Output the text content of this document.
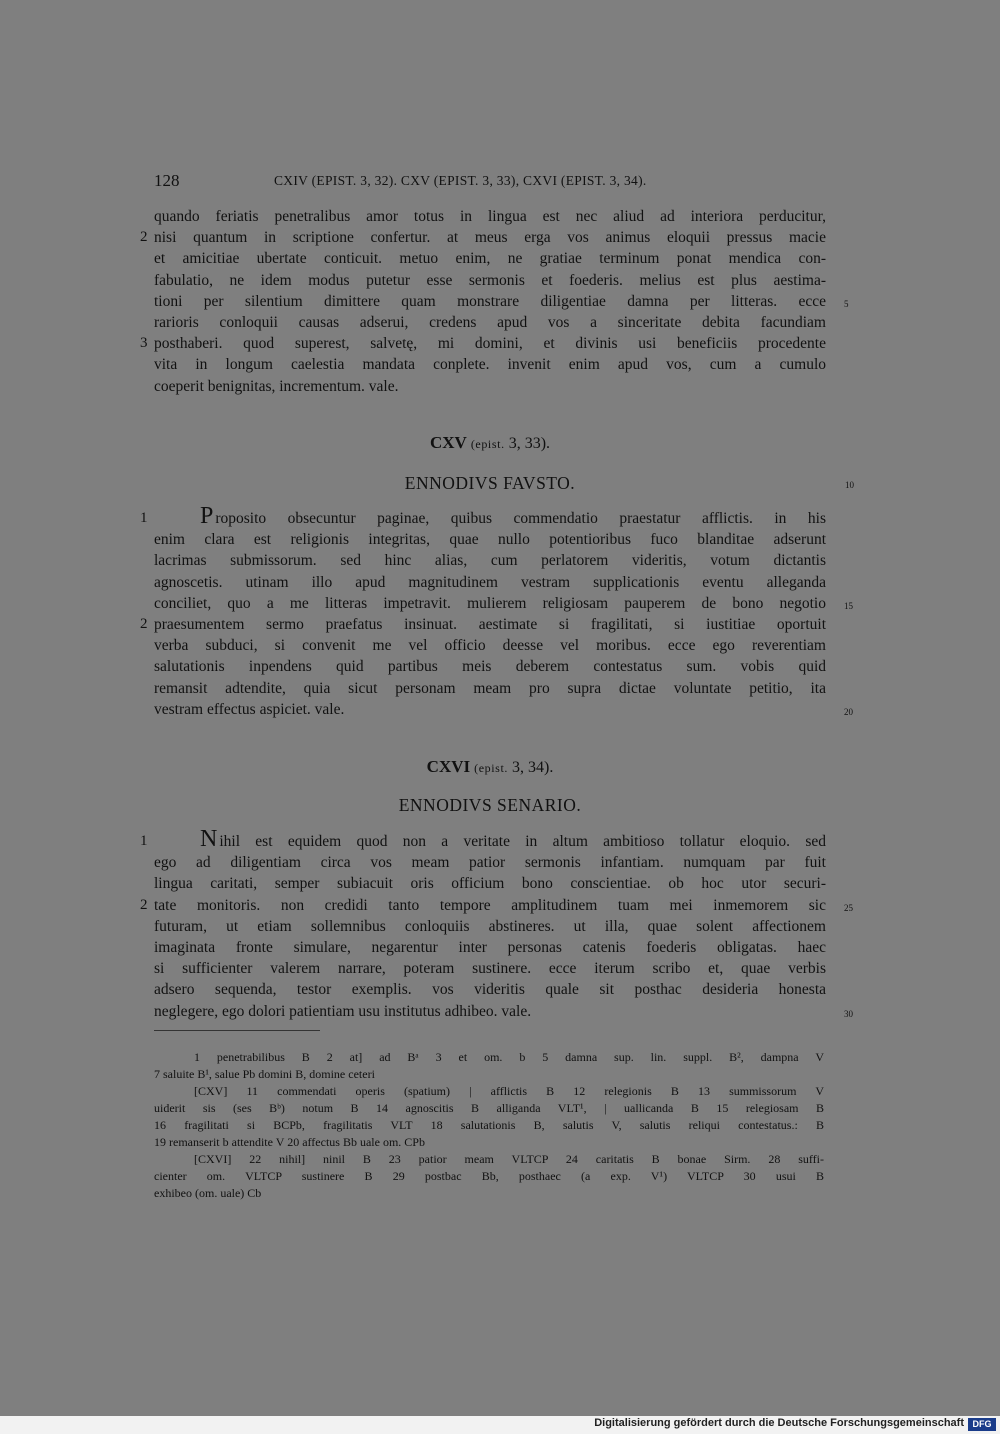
128	CXIV (EPIST. 3, 32). CXV (EPIST. 3, 33), CXVI (EPIST. 3, 34).
quando feriatis penetralibus amor totus in lingua est nec aliud ad interiora perducitur,
2 nisi quantum in scriptione confertur. at meus erga vos animus eloquii pressus macie
et amicitiae ubertate conticuit. metuo enim, ne gratiae terminum ponat mendica con-
fabulatio, ne idem modus putetur esse sermonis et foederis. melius est plus aestima-
tioni per silentium dimittere quam monstrare diligentiae damna per litteras. ecce 5
rarioris conloquii causas adserui, credens apud vos a sinceritate debita facundiam
3 posthaberi. quod superest, salvetę, mi domini, et divinis usi beneficiis procedente
vita in longum caelestia mandata conplete. invenit enim apud vos, cum a cumulo
coeperit benignitas, incrementum. vale.
CXV (epist. 3, 33).
ENNODIVS FAVSTO.	10
1 P roposito obsecuntur paginae, quibus commendatio praestatur afflictis. in his
enim clara est religionis integritas, quae nullo potentioribus fuco blanditae adserunt
lacrimas submissorum. sed hinc alias, cum perlatorem videritis, votum dictantis
agnoscetis. utinam illo apud magnitudinem vestram supplicationis eventu alleganda
conciliet, quo a me litteras impetravit. mulierem religiosam pauperem de bono negotio 15
2 praesumentem sermo praefatus insinuat. aestimate si fragilitati, si iustitiae oportuit
verba subduci, si convenit me vel officio deesse vel moribus. ecce ego reverentiam
salutationis inpendens quid partibus meis deberem contestatus sum. vobis quid
remansit adtendite, quia sicut personam meam pro supra dictae voluntate petitio, ita
vestram effectus aspiciet. vale.	20
CXVI (epist. 3, 34).
ENNODIVS SENARIO.
1 N ihil est equidem quod non a veritate in altum ambitioso tollatur eloquio. sed
ego ad diligentiam circa vos meam patior sermonis infantiam. numquam par fuit
lingua caritati, semper subiacuit oris officium bono conscientiae. ob hoc utor securi-
2 tate monitoris. non credidi tanto tempore amplitudinem tuam mei inmemorem sic 25
futuram, ut etiam sollemnibus conloquiis abstineres. ut illa, quae solent affectionem
imaginata fronte simulare, negarentur inter personas catenis foederis obligatas. haec
si sufficienter valerem narrare, poteram sustinere. ecce iterum scribo et, quae verbis
adsero sequenda, testor exemplis. vos videritis quale sit posthac desideria honesta
neglegere, ego dolori patientiam usu institutus adhibeo. vale.	30
1 penetrabilibus B 2 at] ad Bᵃ 3 et om. b 5 damna sup. lin. suppl. B², dampna V
7 saluite B¹, salue Pb domini B, domine ceteri
[CXV] 11 commendati operis (spatium) | afflictis B 12 relegionis B 13 summissorum V
uiderit sis (ses Bᵇ) notum B 14 agnoscitis B alliganda VLT¹, | uallicanda B 15 relegiosam B
16 fragilitati si BCPb, fragilitatis VLT 18 salutationis B, salutis V, salutis reliqui contestatus.: B
19 remanserit b attendite V 20 affectus Bb uale om. CPb
[CXVI] 22 nihil] ninil B 23 patior meam VLTCP 24 caritatis B bonae Sirm. 28 suffi-
cienter om. VLTCP sustinere B 29 postbac Bb, posthaec (a exp. V¹) VLTCP 30 usui B
exhibeo (om. uale) Cb
Digitalisierung gefördert durch die Deutsche Forschungsgemeinschaft DFG
